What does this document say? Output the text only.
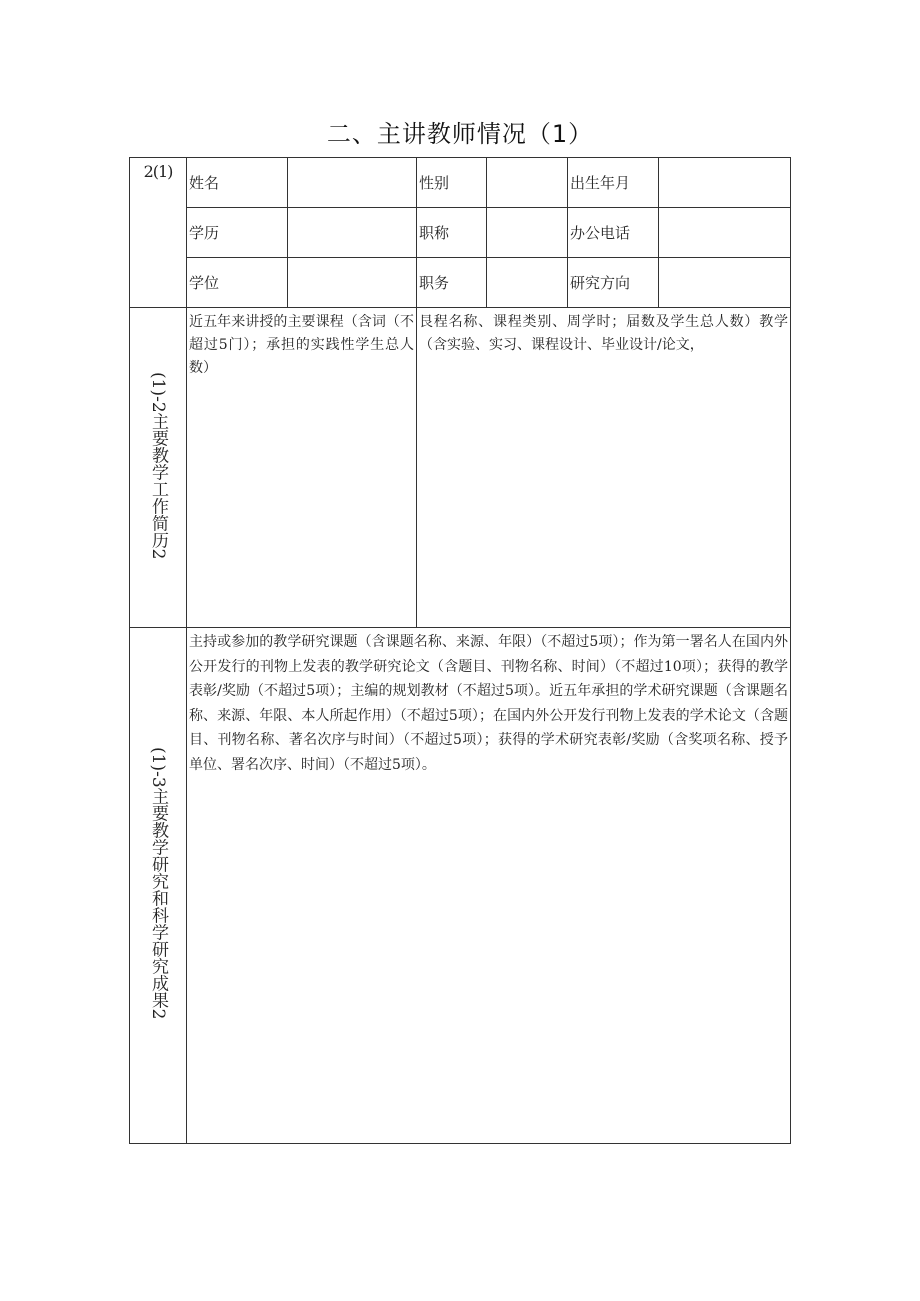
二、主讲教师情况（1）
2(1)	姓名		性别		出生年月	
	学历		职称		办公电话	
	学位		职务		研究方向	
(1)-2主要教学工作简历2	近五年来讲授的主要课程（含词（不超过5门）；承担的实践性学生总人数）		艮程名称、课程类别、周学时；届数及学生总人数）教学（含实验、实习、课程设计、毕业设计/论文，			
(1)-3主要教学研究和科学研究成果2	主持或参加的教学研究课题（含课题名称、来源、年限）（不超过5项）；作为第一署名人在国内外公开发行的刊物上发表的教学研究论文（含题目、刊物名称、时间）（不超过10项）；获得的教学表彰/奖励（不超过5项）；主编的规划教材（不超过5项）。近五年承担的学术研究课题（含课题名称、来源、年限、本人所起作用）（不超过5项）；在国内外公开发行刊物上发表的学术论文（含题目、刊物名称、著名次序与时间）（不超过5项）；获得的学术研究表彰/奖励（含奖项名称、授予单位、署名次序、时间）（不超过5项）。					
